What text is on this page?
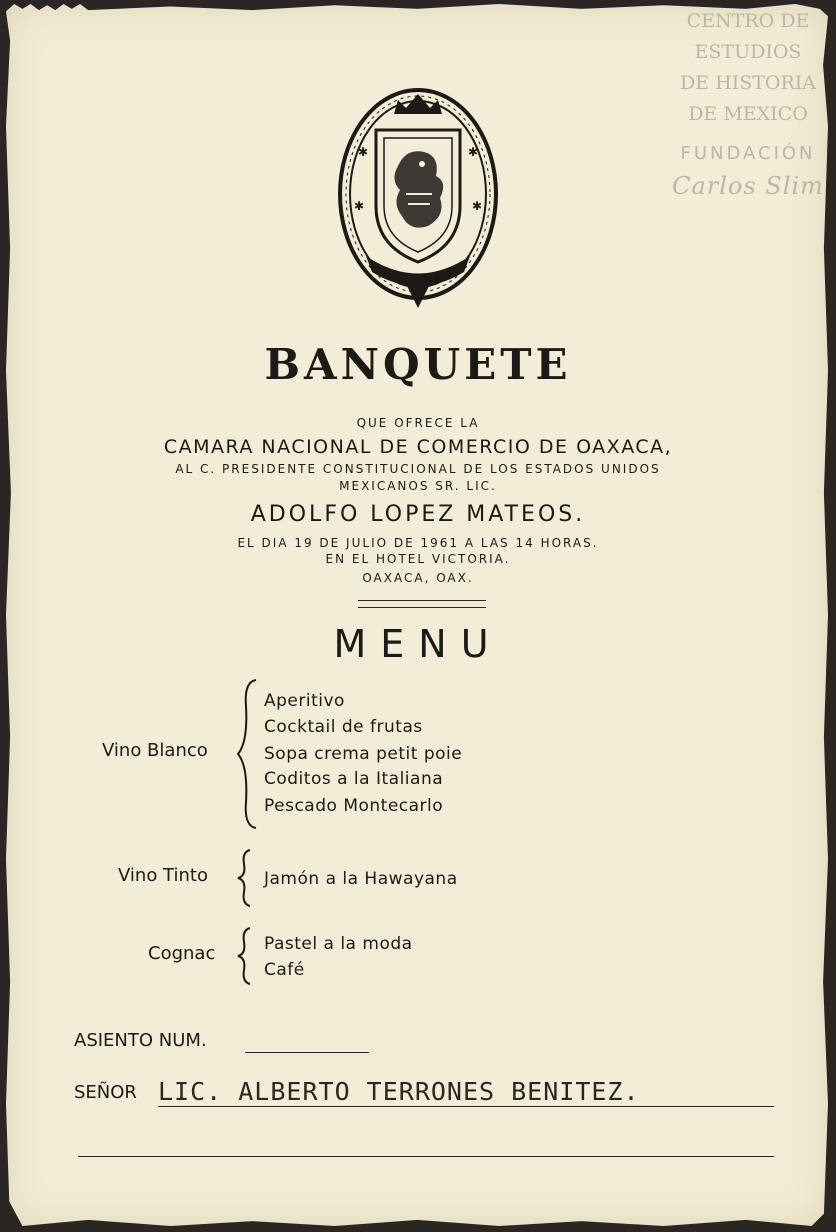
CENTRO DE
ESTUDIOS
DE HISTORIA
DE MEXICO
FUNDACIÓN
Carlos Slim
✱	✱
✱	✱
BANQUETE
QUE OFRECE LA
CAMARA NACIONAL DE COMERCIO DE OAXACA,
AL C. PRESIDENTE CONSTITUCIONAL DE LOS ESTADOS UNIDOS
MEXICANOS SR. LIC.
ADOLFO LOPEZ MATEOS.
EL DIA 19 DE JULIO DE 1961 A LAS 14 HORAS.
EN EL HOTEL VICTORIA.
OAXACA, OAX.
MENU
Vino Blanco
Aperitivo
Cocktail de frutas
Sopa crema petit poie
Coditos a la Italiana
Pescado Montecarlo
Vino Tinto	Jamón a la Hawayana
Cognac	Pastel a la moda
Café
ASIENTO NUM.
SEÑOR LIC. ALBERTO TERRONES BENITEZ.
